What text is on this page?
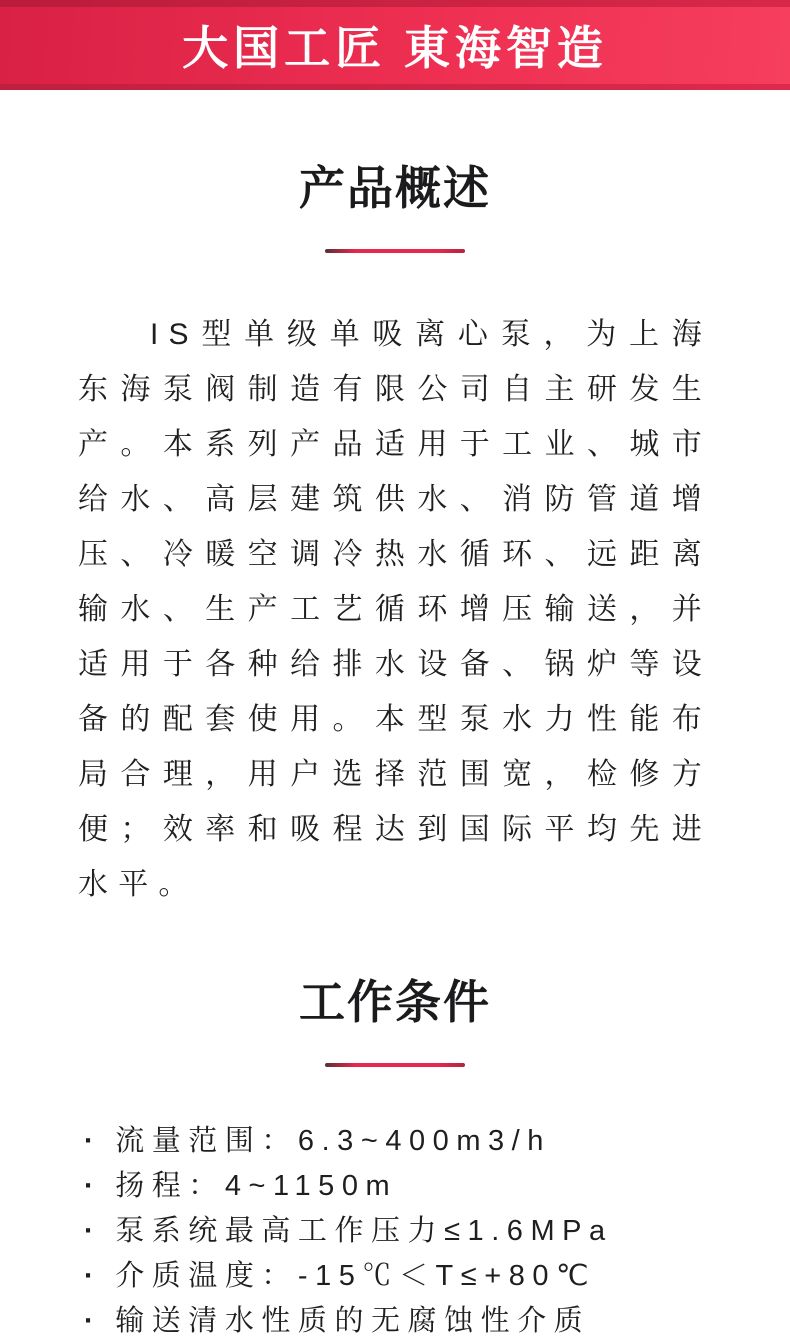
大国工匠 東海智造
产品概述

IS型单级单吸离心泵，为上海东海泵阀制造有限公司自主研发生产。本系列产品适用于工业、城市给水、高层建筑供水、消防管道增压、冷暖空调冷热水循环、远距离输水、生产工艺循环增压输送，并适用于各种给排水设备、锅炉等设备的配套使用。本型泵水力性能布局合理，用户选择范围宽，检修方便；效率和吸程达到国际平均先进水平。

工作条件
· 流量范围：6.3~400m3/h
· 扬程：4~1150m
· 泵系统最高工作压力≤1.6MPa
· 介质温度：-15℃＜T≤+80℃
· 输送清水性质的无腐蚀性介质
